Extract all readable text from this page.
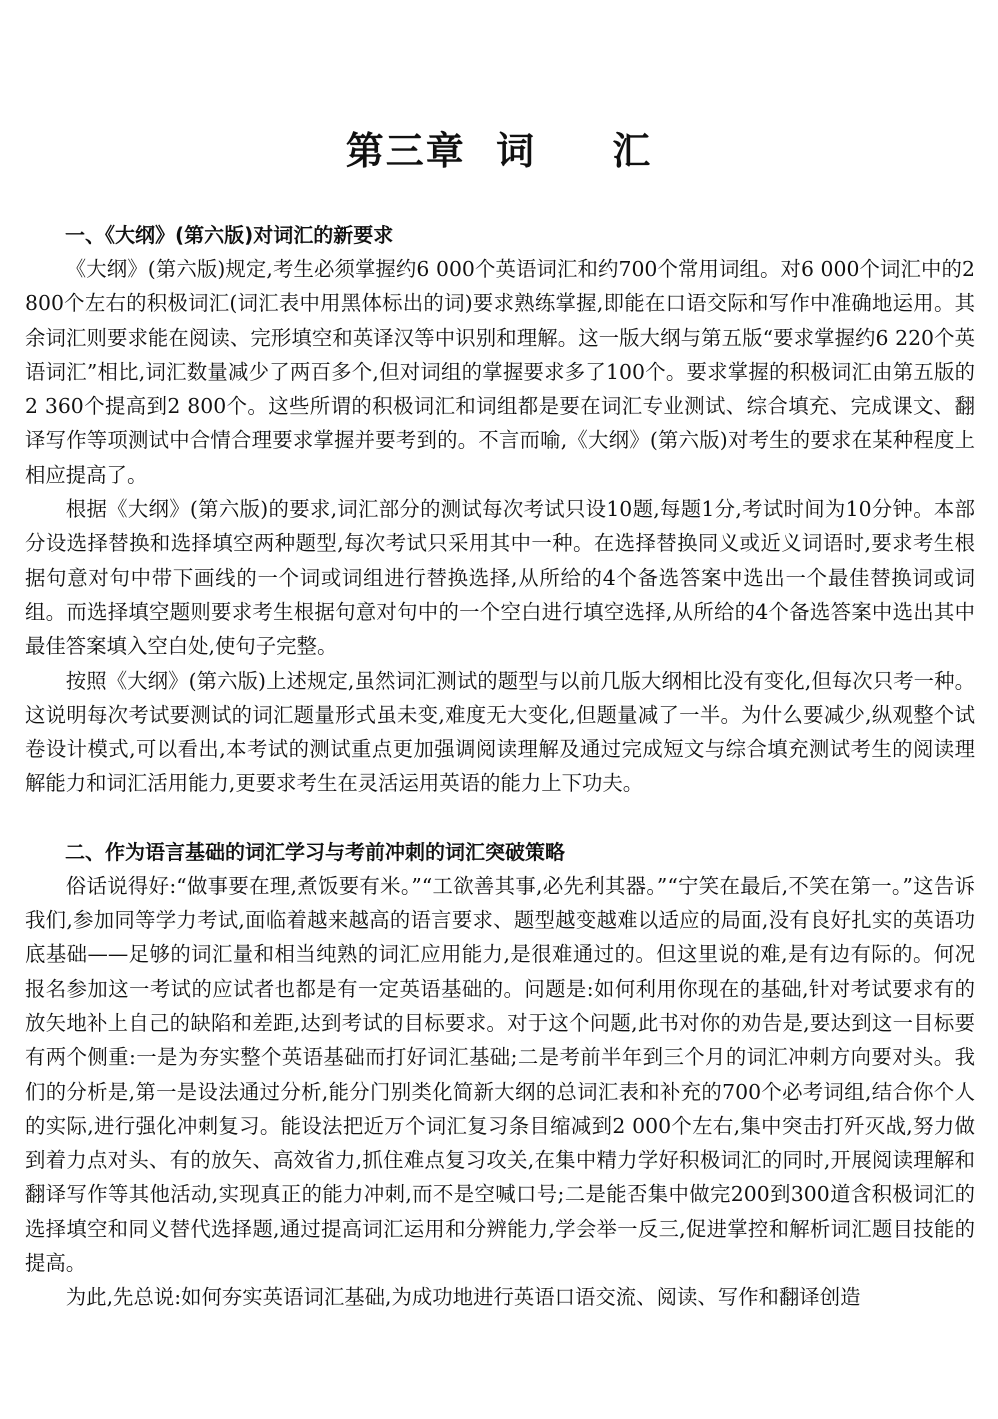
第三章  词     汇
一、《大纲》(第六版)对词汇的新要求

《大纲》(第六版)规定,考生必须掌握约6 000个英语词汇和约700个常用词组。对6 000个词汇中的2 800个左右的积极词汇(词汇表中用黑体标出的词)要求熟练掌握,即能在口语交际和写作中准确地运用。其余词汇则要求能在阅读、完形填空和英译汉等中识别和理解。这一版大纲与第五版“要求掌握约6 220个英语词汇”相比,词汇数量减少了两百多个,但对词组的掌握要求多了100个。要求掌握的积极词汇由第五版的2 360个提高到2 800个。这些所谓的积极词汇和词组都是要在词汇专业测试、综合填充、完成课文、翻译写作等项测试中合情合理要求掌握并要考到的。不言而喻,《大纲》(第六版)对考生的要求在某种程度上相应提高了。

根据《大纲》(第六版)的要求,词汇部分的测试每次考试只设10题,每题1分,考试时间为10分钟。本部分设选择替换和选择填空两种题型,每次考试只采用其中一种。在选择替换同义或近义词语时,要求考生根据句意对句中带下画线的一个词或词组进行替换选择,从所给的4个备选答案中选出一个最佳替换词或词组。而选择填空题则要求考生根据句意对句中的一个空白进行填空选择,从所给的4个备选答案中选出其中最佳答案填入空白处,使句子完整。

按照《大纲》(第六版)上述规定,虽然词汇测试的题型与以前几版大纲相比没有变化,但每次只考一种。这说明每次考试要测试的词汇题量形式虽未变,难度无大变化,但题量减了一半。为什么要减少,纵观整个试卷设计模式,可以看出,本考试的测试重点更加强调阅读理解及通过完成短文与综合填充测试考生的阅读理解能力和词汇活用能力,更要求考生在灵活运用英语的能力上下功夫。

二、作为语言基础的词汇学习与考前冲刺的词汇突破策略

俗话说得好:“做事要在理,煮饭要有米。”“工欲善其事,必先利其器。”“宁笑在最后,不笑在第一。”这告诉我们,参加同等学力考试,面临着越来越高的语言要求、题型越变越难以适应的局面,没有良好扎实的英语功底基础——足够的词汇量和相当纯熟的词汇应用能力,是很难通过的。但这里说的难,是有边有际的。何况报名参加这一考试的应试者也都是有一定英语基础的。问题是:如何利用你现在的基础,针对考试要求有的放矢地补上自己的缺陷和差距,达到考试的目标要求。对于这个问题,此书对你的劝告是,要达到这一目标要有两个侧重:一是为夯实整个英语基础而打好词汇基础;二是考前半年到三个月的词汇冲刺方向要对头。我们的分析是,第一是设法通过分析,能分门别类化简新大纲的总词汇表和补充的700个必考词组,结合你个人的实际,进行强化冲刺复习。能设法把近万个词汇复习条目缩减到2 000个左右,集中突击打歼灭战,努力做到着力点对头、有的放矢、高效省力,抓住难点复习攻关,在集中精力学好积极词汇的同时,开展阅读理解和翻译写作等其他活动,实现真正的能力冲刺,而不是空喊口号;二是能否集中做完200到300道含积极词汇的选择填空和同义替代选择题,通过提高词汇运用和分辨能力,学会举一反三,促进掌控和解析词汇题目技能的提高。

为此,先总说:如何夯实英语词汇基础,为成功地进行英语口语交流、阅读、写作和翻译创造
